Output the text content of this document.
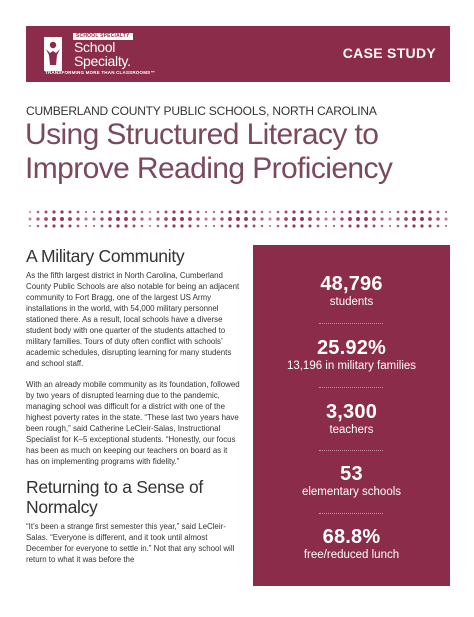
SCHOOL SPECIALTY
School
Specialty.
TRANSFORMING MORE THAN CLASSROOMS™
CASE STUDY
CUMBERLAND COUNTY PUBLIC SCHOOLS, NORTH CAROLINA
Using Structured Literacy to Improve Reading Proficiency
A Military Community
As the fifth largest district in North Carolina, Cumberland County Public Schools are also notable for being an adjacent community to Fort Bragg, one of the largest US Army installations in the world, with 54,000 military personnel stationed there. As a result, local schools have a diverse student body with one quarter of the students attached to military families. Tours of duty often conflict with schools’ academic schedules, disrupting learning for many students and school staff.
With an already mobile community as its foundation, followed by two years of disrupted learning due to the pandemic, managing school was difficult for a district with one of the highest poverty rates in the state. “These last two years have been rough,” said Catherine LeCleir-Salas, Instructional Specialist for K–5 exceptional students. “Honestly, our focus has been as much on keeping our teachers on board as it has on implementing programs with fidelity.”
Returning to a Sense of Normalcy
“It’s been a strange first semester this year,” said LeCleir-Salas. “Everyone is different, and it took until almost December for everyone to settle in.” Not that any school will return to what it was before the
48,796
students
25.92%
13,196 in military families
3,300
teachers
53
elementary schools
68.8%
free/reduced lunch
